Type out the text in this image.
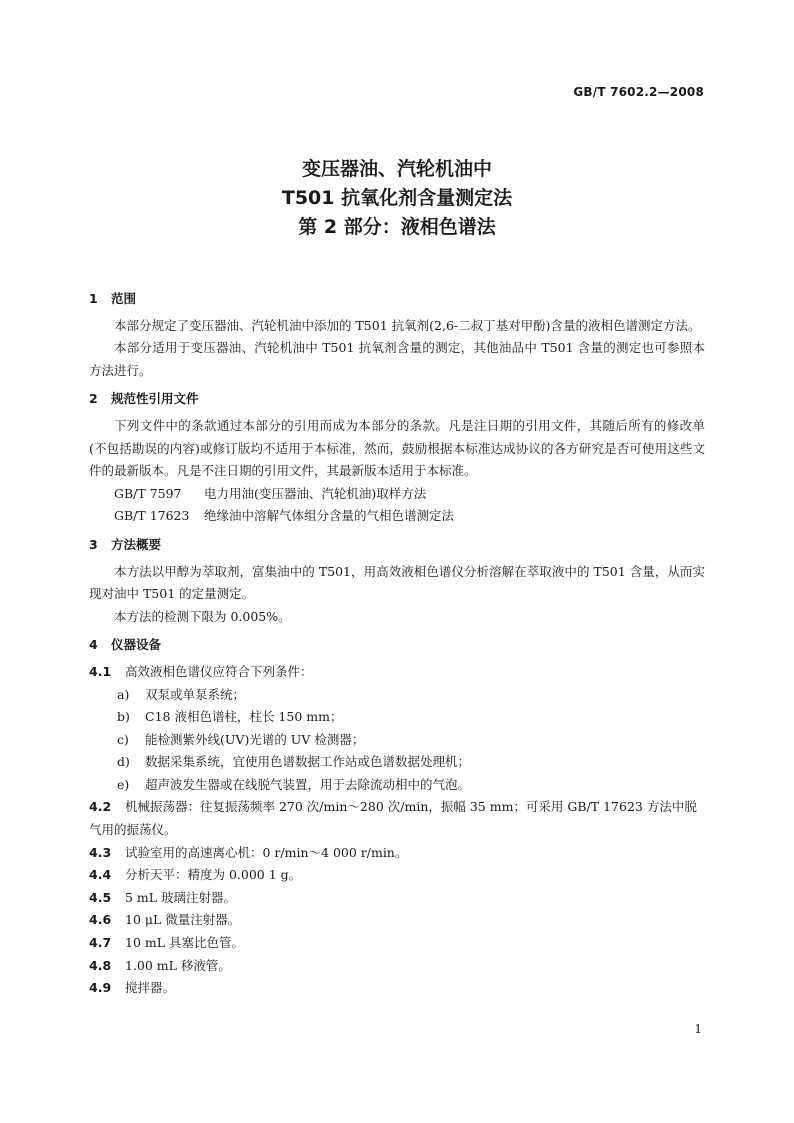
GB/T 7602.2—2008
变压器油、汽轮机油中
T501 抗氧化剂含量测定法
第 2 部分：液相色谱法
1 范围
本部分规定了变压器油、汽轮机油中添加的 T501 抗氧剂(2,6-二叔丁基对甲酚)含量的液相色谱测定方法。
本部分适用于变压器油、汽轮机油中 T501 抗氧剂含量的测定，其他油品中 T501 含量的测定也可参照本方法进行。
2 规范性引用文件
下列文件中的条款通过本部分的引用而成为本部分的条款。凡是注日期的引用文件，其随后所有的修改单(不包括勘误的内容)或修订版均不适用于本标准，然而，鼓励根据本标准达成协议的各方研究是否可使用这些文件的最新版本。凡是不注日期的引用文件，其最新版本适用于本标准。
GB/T 7597 电力用油(变压器油、汽轮机油)取样方法
GB/T 17623 绝缘油中溶解气体组分含量的气相色谱测定法
3 方法概要
本方法以甲醇为萃取剂，富集油中的 T501，用高效液相色谱仪分析溶解在萃取液中的 T501 含量，从而实现对油中 T501 的定量测定。
本方法的检测下限为 0.005%。
4 仪器设备
4.1 高效液相色谱仪应符合下列条件：
a) 双泵或单泵系统；
b) C18 液相色谱柱，柱长 150 mm；
c) 能检测紫外线(UV)光谱的 UV 检测器；
d) 数据采集系统，宜使用色谱数据工作站或色谱数据处理机；
e) 超声波发生器或在线脱气装置，用于去除流动相中的气泡。
4.2 机械振荡器：往复振荡频率 270 次/min～280 次/min，振幅 35 mm；可采用 GB/T 17623 方法中脱气用的振荡仪。
4.3 试验室用的高速离心机：0 r/min～4 000 r/min。
4.4 分析天平：精度为 0.000 1 g。
4.5 5 mL 玻璃注射器。
4.6 10 μL 微量注射器。
4.7 10 mL 具塞比色管。
4.8 1.00 mL 移液管。
4.9 搅拌器。
1
